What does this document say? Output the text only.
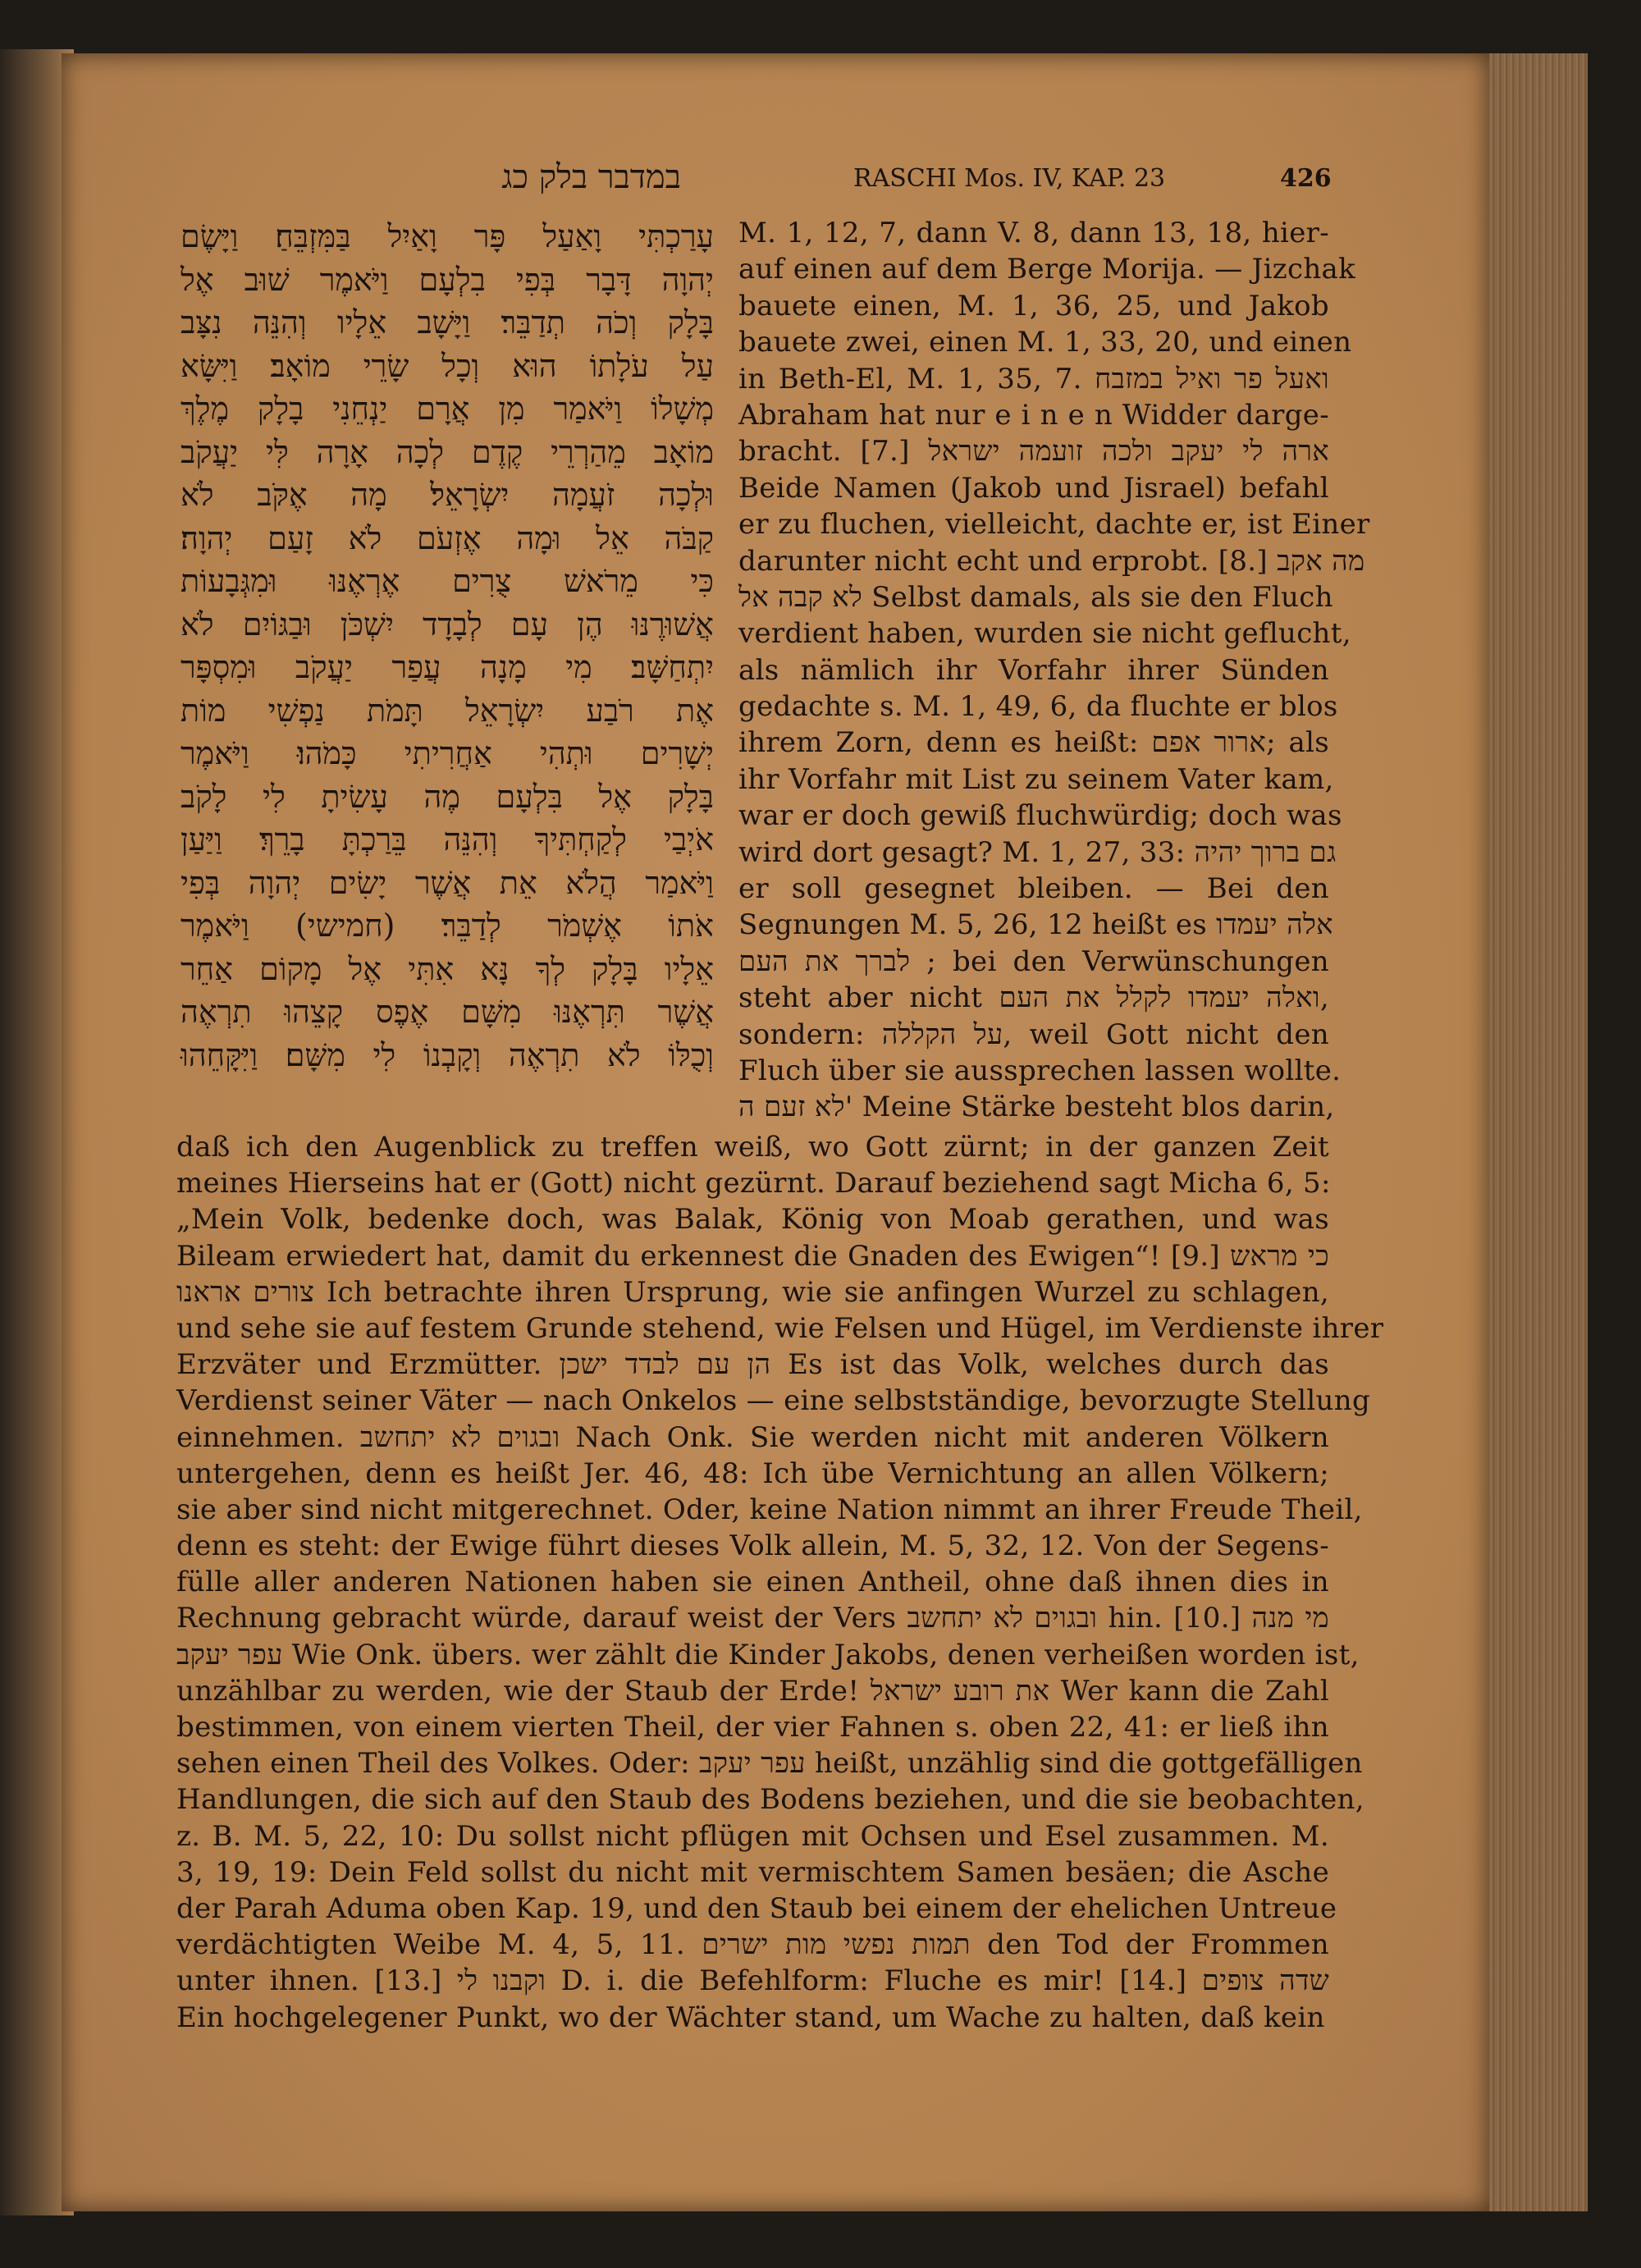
במדבר בלק כג	RASCHI Mos. IV, KAP. 23	426
עָרַכְתִּי וָאַעַל פָּר וָאַיִל בַּמִּזְבֵּחַ׃ וַיָּשֶׂם
יְהוָה דָּבָר בְּפִי בִלְעָם וַיֹּאמֶר שׁוּב אֶל
בָּלָק וְכֹה תְדַבֵּר׃ וַיָּשָׁב אֵלָיו וְהִנֵּה נִצָּב
עַל עֹלָתוֹ הוּא וְכָל שָׂרֵי מוֹאָב׃ וַיִּשָּׂא
מְשָׁלוֹ וַיֹּאמַר מִן אֲרָם יַנְחֵנִי בָלָק מֶלֶךְ
מוֹאָב מֵהַרְרֵי קֶדֶם לְכָה אָרָה לִּי יַעֲקֹב
וּלְכָה זֹעֲמָה יִשְׂרָאֵל׃ מָה אֶקֹּב לֹא
קַבֹּה אֵל וּמָה אֶזְעֹם לֹא זָעַם יְהוָה׃
כִּי מֵרֹאשׁ צֻרִים אֶרְאֶנּוּ וּמִגְּבָעוֹת
אֲשׁוּרֶנּוּ הֶן עָם לְבָדָד יִשְׁכֹּן וּבַגּוֹיִם לֹא
יִתְחַשָּׁב׃ מִי מָנָה עֲפַר יַעֲקֹב וּמִסְפָּר
אֶת רֹבַע יִשְׂרָאֵל תָּמֹת נַפְשִׁי מוֹת
יְשָׁרִים וּתְהִי אַחֲרִיתִי כָּמֹהוּ׃ וַיֹּאמֶר
בָּלָק אֶל בִּלְעָם מֶה עָשִׂיתָ לִי לָקֹב
אֹיְבַי לְקַחְתִּיךָ וְהִנֵּה בֵּרַכְתָּ בָרֵךְ׃ וַיַּעַן
וַיֹּאמַר הֲלֹא אֵת אֲשֶׁר יָשִׂים יְהוָה בְּפִי
אֹתוֹ אֶשְׁמֹר לְדַבֵּר׃ (חמישי) וַיֹּאמֶר
אֵלָיו בָּלָק לְךָ נָּא אִתִּי אֶל מָקוֹם אַחֵר
אֲשֶׁר תִּרְאֶנּוּ מִשָּׁם אֶפֶס קָצֵהוּ תִרְאֶה
וְכֻלּוֹ לֹא תִרְאֶה וְקָבְנוֹ לִי מִשָּׁם׃ וַיִּקָּחֵהוּ
M. 1, 12, 7, dann V. 8, dann 13, 18, hier-
auf einen auf dem Berge Morija. — Jizchak
bauete einen, M. 1, 36, 25, und Jakob
bauete zwei, einen M. 1, 33, 20, und einen
in Beth-El, M. 1, 35, 7. ואעל פר ואיל במזבח
Abraham hat nur e i n e n Widder darge-
bracht. [7.] ארה לי יעקב ולכה זועמה ישראל
Beide Namen (Jakob und Jisrael) befahl
er zu fluchen, vielleicht, dachte er, ist Einer
darunter nicht echt und erprobt. [8.] מה אקב
לא קבה אל Selbst damals, als sie den Fluch
verdient haben, wurden sie nicht geflucht,
als nämlich ihr Vorfahr ihrer Sünden
gedachte s. M. 1, 49, 6, da fluchte er blos
ihrem Zorn, denn es heißt: ארור אפם; als
ihr Vorfahr mit List zu seinem Vater kam,
war er doch gewiß fluchwürdig; doch was
wird dort gesagt? M. 1, 27, 33: גם ברוך יהיה
er soll gesegnet bleiben. — Bei den
Segnungen M. 5, 26, 12 heißt es אלה יעמדו
לברך את העם ; bei den Verwünschungen
steht aber nicht ואלה יעמדו לקלל את העם,
sondern: על הקללה, weil Gott nicht den
Fluch über sie aussprechen lassen wollte.
לא זעם ה' Meine Stärke besteht blos darin,
daß ich den Augenblick zu treffen weiß, wo Gott zürnt; in der ganzen Zeit
meines Hierseins hat er (Gott) nicht gezürnt. Darauf beziehend sagt Micha 6, 5:
„Mein Volk, bedenke doch, was Balak, König von Moab gerathen, und was
Bileam erwiedert hat, damit du erkennest die Gnaden des Ewigen“! [9.] כי מראש
צורים אראנו Ich betrachte ihren Ursprung, wie sie anfingen Wurzel zu schlagen,
und sehe sie auf festem Grunde stehend, wie Felsen und Hügel, im Verdienste ihrer
Erzväter und Erzmütter. הן עם לבדד ישכן Es ist das Volk, welches durch das
Verdienst seiner Väter — nach Onkelos — eine selbstständige, bevorzugte Stellung
einnehmen. ובגוים לא יתחשב Nach Onk. Sie werden nicht mit anderen Völkern
untergehen, denn es heißt Jer. 46, 48: Ich übe Vernichtung an allen Völkern;
sie aber sind nicht mitgerechnet. Oder, keine Nation nimmt an ihrer Freude Theil,
denn es steht: der Ewige führt dieses Volk allein, M. 5, 32, 12. Von der Segens-
fülle aller anderen Nationen haben sie einen Antheil, ohne daß ihnen dies in
Rechnung gebracht würde, darauf weist der Vers ובגוים לא יתחשב hin. [10.] מי מנה
עפר יעקב Wie Onk. übers. wer zählt die Kinder Jakobs, denen verheißen worden ist,
unzählbar zu werden, wie der Staub der Erde! את רובע ישראל Wer kann die Zahl
bestimmen, von einem vierten Theil, der vier Fahnen s. oben 22, 41: er ließ ihn
sehen einen Theil des Volkes. Oder: עפר יעקב heißt, unzählig sind die gottgefälligen
Handlungen, die sich auf den Staub des Bodens beziehen, und die sie beobachten,
z. B. M. 5, 22, 10: Du sollst nicht pflügen mit Ochsen und Esel zusammen. M.
3, 19, 19: Dein Feld sollst du nicht mit vermischtem Samen besäen; die Asche
der Parah Aduma oben Kap. 19, und den Staub bei einem der ehelichen Untreue
verdächtigten Weibe M. 4, 5, 11. תמות נפשי מות ישרים den Tod der Frommen
unter ihnen. [13.] וקבנו לי D. i. die Befehlform: Fluche es mir! [14.] שדה צופים
Ein hochgelegener Punkt, wo der Wächter stand, um Wache zu halten, daß kein
